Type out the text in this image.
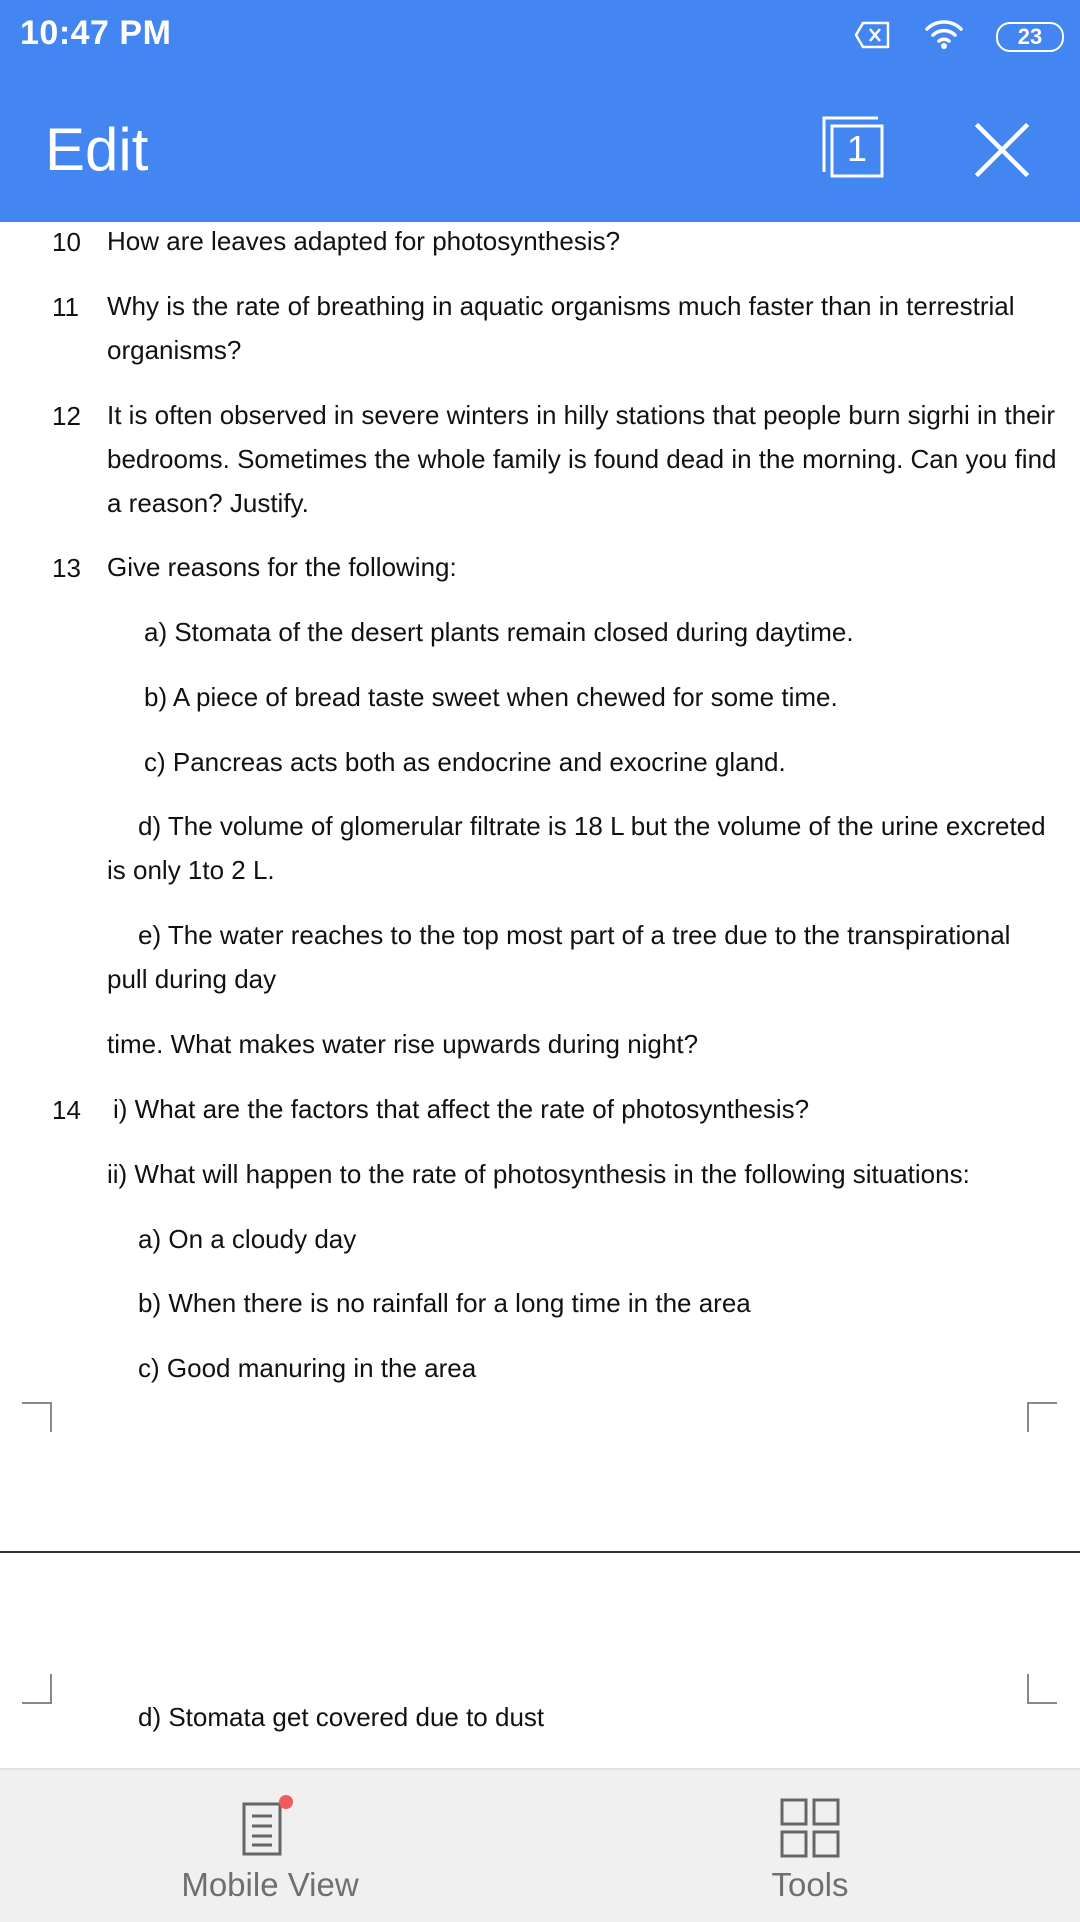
10:47 PM	23
Edit	1
10 How are leaves adapted for photosynthesis?
11 Why is the rate of breathing in aquatic organisms much faster than in terrestrial
organisms?
12 It is often observed in severe winters in hilly stations that people burn sigrhi in their
bedrooms. Sometimes the whole family is found dead in the morning. Can you find
a reason? Justify.
13 Give reasons for the following:
a) Stomata of the desert plants remain closed during daytime.
b) A piece of bread taste sweet when chewed for some time.
c) Pancreas acts both as endocrine and exocrine gland.
d) The volume of glomerular filtrate is 18 L but the volume of the urine excreted
is only 1to 2 L.
e) The water reaches to the top most part of a tree due to the transpirational
pull during day
time. What makes water rise upwards during night?
14 i) What are the factors that affect the rate of photosynthesis?
ii) What will happen to the rate of photosynthesis in the following situations:
a) On a cloudy day
b) When there is no rainfall for a long time in the area
c) Good manuring in the area
d) Stomata get covered due to dust
Mobile View	Tools
